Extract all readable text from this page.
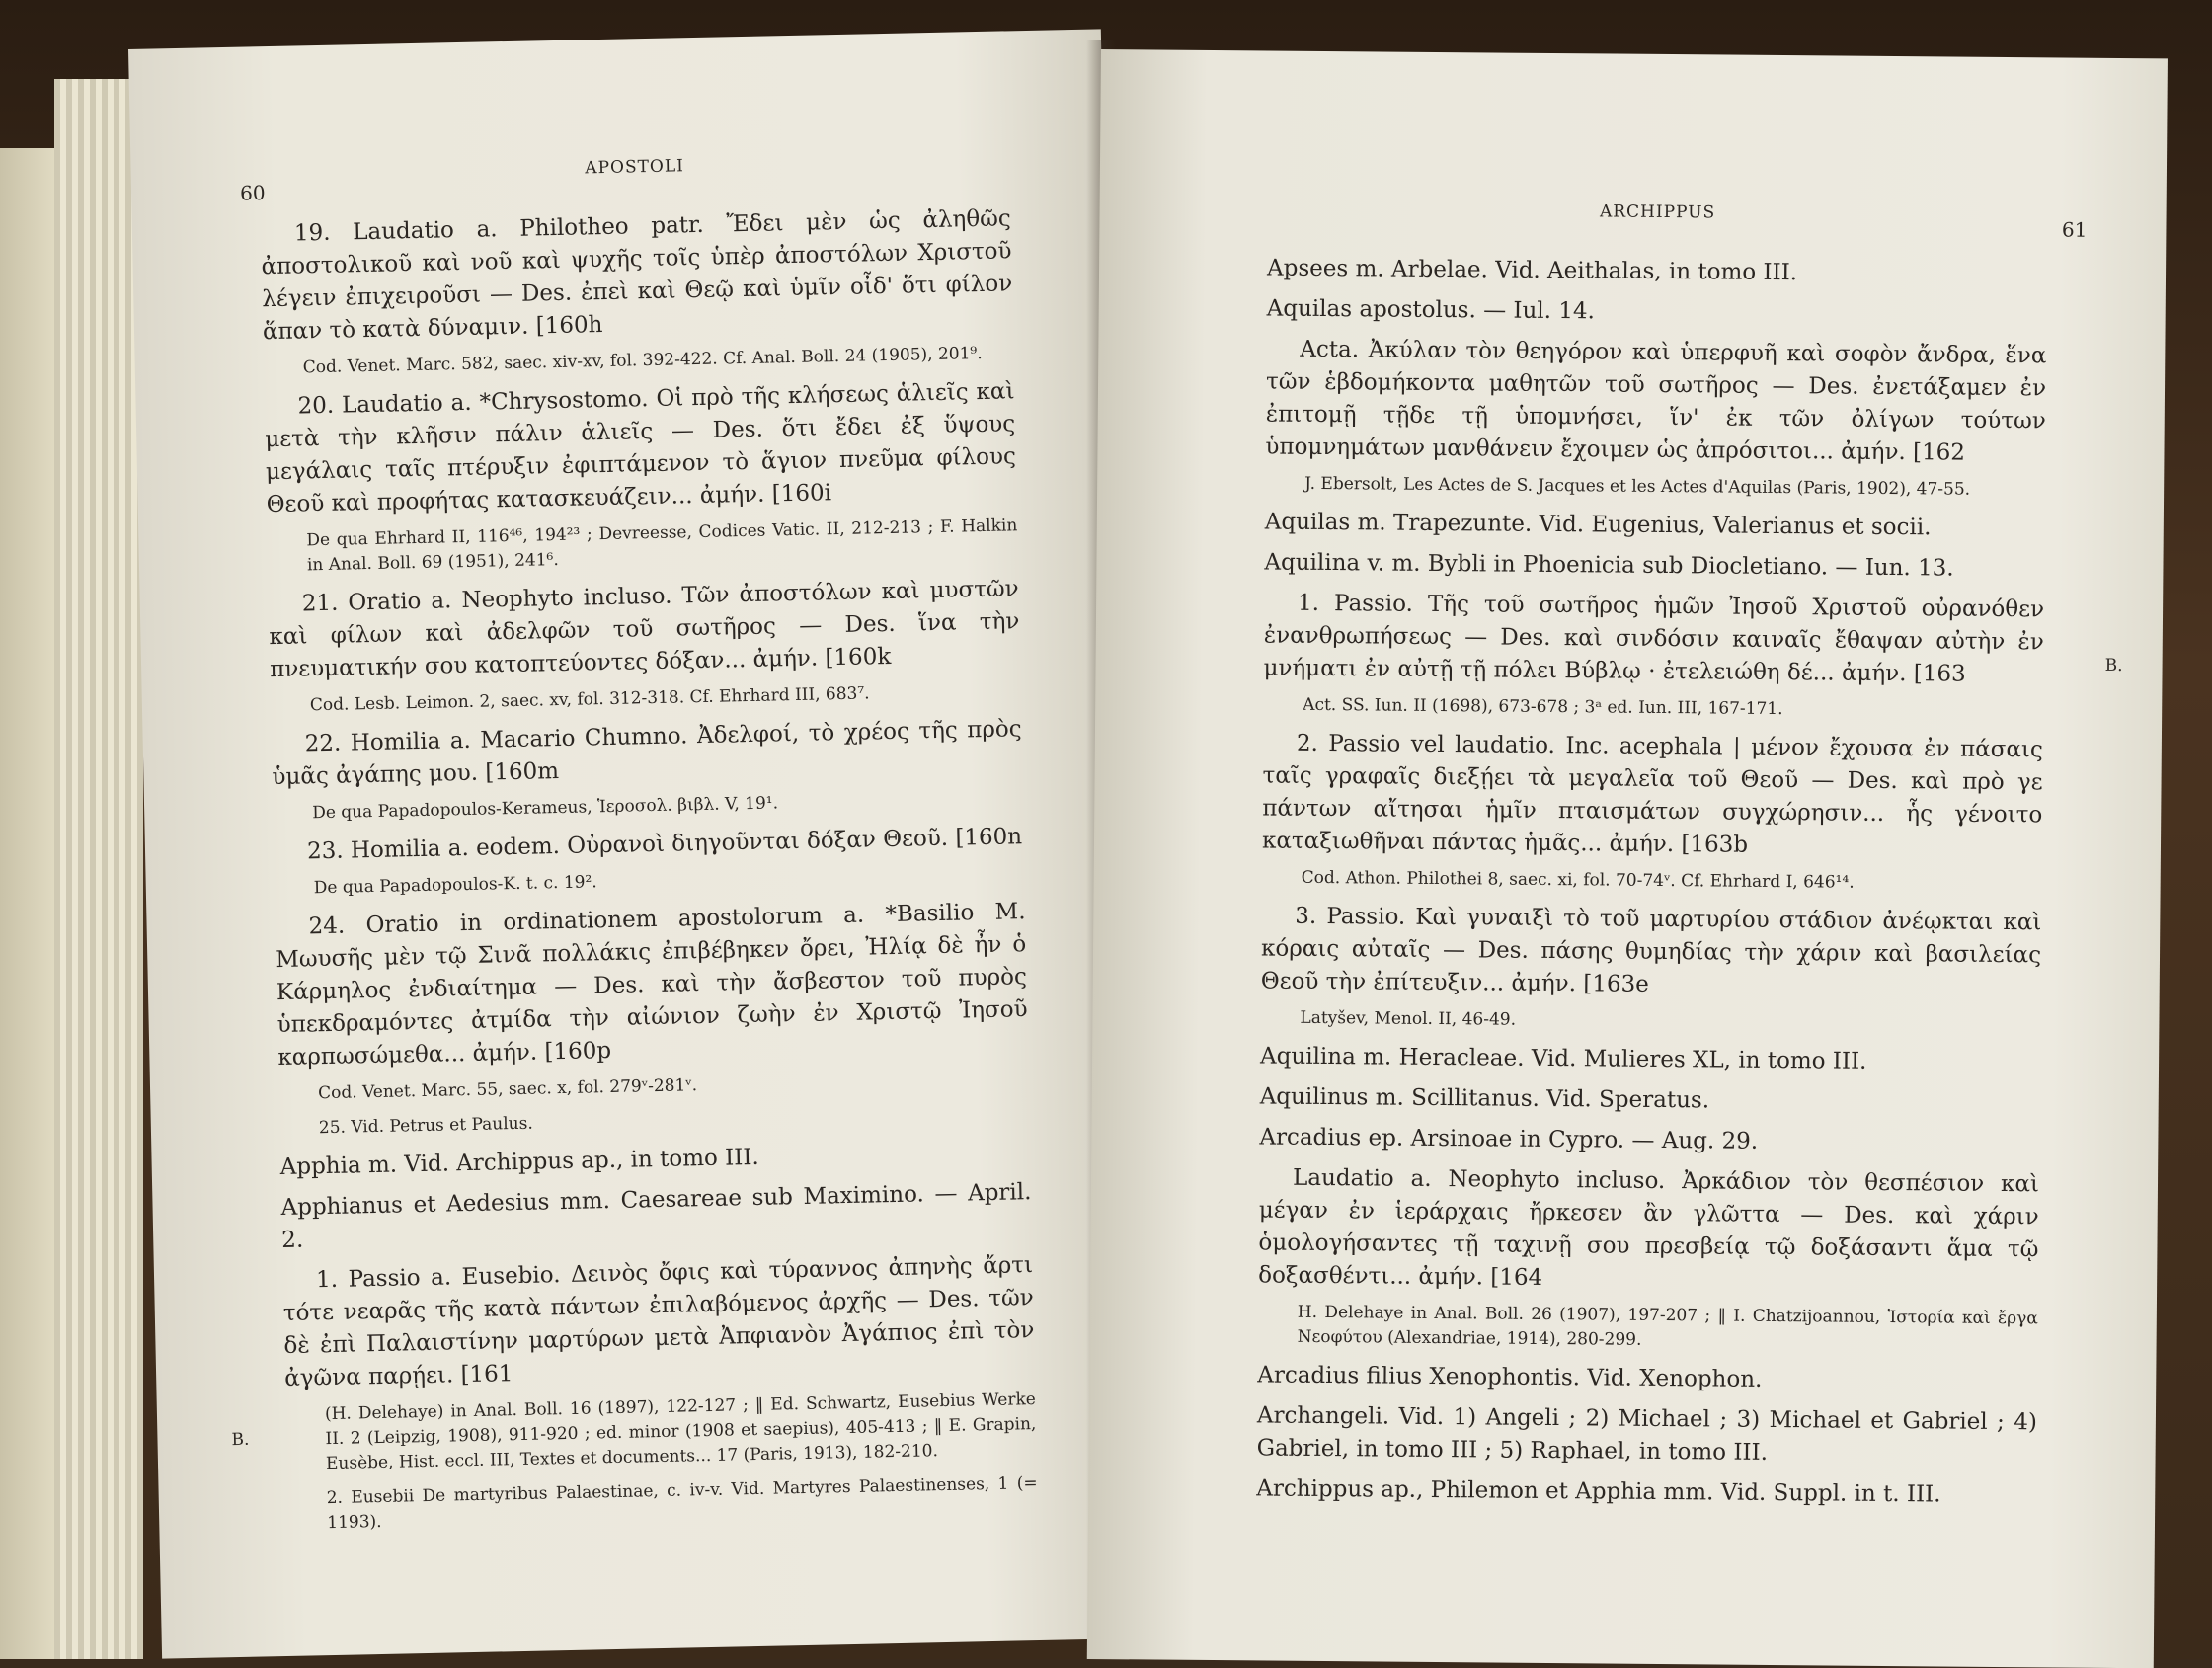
60
APOSTOLI

19. Laudatio a. Philotheo patr. Ἔδει μὲν ὡς ἀληθῶς ἀποστολικοῦ καὶ νοῦ καὶ ψυχῆς τοῖς ὑπὲρ ἀποστόλων Χριστοῦ λέγειν ἐπιχειροῦσι — Des. ἐπεὶ καὶ Θεῷ καὶ ὑμῖν οἶδ' ὅτι φίλον ἅπαν τὸ κατὰ δύναμιν. [160h

Cod. Venet. Marc. 582, saec. xiv-xv, fol. 392-422. Cf. Anal. Boll. 24 (1905), 201⁹.

20. Laudatio a. *Chrysostomo. Οἱ πρὸ τῆς κλήσεως ἁλιεῖς καὶ μετὰ τὴν κλῆσιν πάλιν ἁλιεῖς — Des. ὅτι ἔδει ἐξ ὕψους μεγάλαις ταῖς πτέρυξιν ἐφιπτάμενον τὸ ἅγιον πνεῦμα φίλους Θεοῦ καὶ προφήτας κατασκευάζειν... ἀμήν. [160i

De qua Ehrhard II, 116⁴⁶, 194²³ ; Devreesse, Codices Vatic. II, 212-213 ; F. Halkin in Anal. Boll. 69 (1951), 241⁶.

21. Oratio a. Neophyto incluso. Τῶν ἀποστόλων καὶ μυστῶν καὶ φίλων καὶ ἀδελφῶν τοῦ σωτῆρος — Des. ἵνα τὴν πνευματικήν σου κατοπτεύοντες δόξαν... ἀμήν. [160k

Cod. Lesb. Leimon. 2, saec. xv, fol. 312-318. Cf. Ehrhard III, 683⁷.

22. Homilia a. Macario Chumno. Ἀδελφοί, τὸ χρέος τῆς πρὸς ὑμᾶς ἀγάπης μου. [160m

De qua Papadopoulos-Kerameus, Ἱεροσολ. βιβλ. V, 19¹.

23. Homilia a. eodem. Οὐρανοὶ διηγοῦνται δόξαν Θεοῦ. [160n

De qua Papadopoulos-K. t. c. 19².

24. Oratio in ordinationem apostolorum a. *Basilio M. Μωυσῆς μὲν τῷ Σινᾶ πολλάκις ἐπιβέβηκεν ὄρει, Ἠλίᾳ δὲ ἦν ὁ Κάρμηλος ἐνδιαίτημα — Des. καὶ τὴν ἄσβεστον τοῦ πυρὸς ὑπεκδραμόντες ἀτμίδα τὴν αἰώνιον ζωὴν ἐν Χριστῷ Ἰησοῦ καρπωσώμεθα... ἀμήν. [160p

Cod. Venet. Marc. 55, saec. x, fol. 279ᵛ-281ᵛ.
25. Vid. Petrus et Paulus.

Apphia m. Vid. Archippus ap., in tomo III.

Apphianus et Aedesius mm. Caesareae sub Maximino. — April. 2.

1. Passio a. Eusebio. Δεινὸς ὄφις καὶ τύραννος ἀπηνὴς ἄρτι τότε νεαρᾶς τῆς κατὰ πάντων ἐπιλαβόμενος ἀρχῆς — Des. τῶν δὲ ἐπὶ Παλαιστίνην μαρτύρων μετὰ Ἀπφιανὸν Ἀγάπιος ἐπὶ τὸν ἀγῶνα παρῄει. [161

(H. Delehaye) in Anal. Boll. 16 (1897), 122-127 ; ‖ Ed. Schwartz, Eusebius Werke II. 2 (Leipzig, 1908), 911-920 ; ed. minor (1908 et saepius), 405-413 ; ‖ E. Grapin, Eusèbe, Hist. eccl. III, Textes et documents... 17 (Paris, 1913), 182-210.
2. Eusebii De martyribus Palaestinae, c. iv-v. Vid. Martyres Palaestinenses, 1 (= 1193).
B.
ARCHIPPUS
61

Apsees m. Arbelae. Vid. Aeithalas, in tomo III.

Aquilas apostolus. — Iul. 14.

Acta. Ἀκύλαν τὸν θεηγόρον καὶ ὑπερφυῆ καὶ σοφὸν ἄνδρα, ἕνα τῶν ἑβδομήκοντα μαθητῶν τοῦ σωτῆρος — Des. ἐνετάξαμεν ἐν ἐπιτομῇ τῇδε τῇ ὑπομνήσει, ἵν' ἐκ τῶν ὀλίγων τούτων ὑπομνημάτων μανθάνειν ἔχοιμεν ὡς ἀπρόσιτοι... ἀμήν. [162

J. Ebersolt, Les Actes de S. Jacques et les Actes d'Aquilas (Paris, 1902), 47-55.

Aquilas m. Trapezunte. Vid. Eugenius, Valerianus et socii.

Aquilina v. m. Bybli in Phoenicia sub Diocletiano. — Iun. 13.

1. Passio. Τῆς τοῦ σωτῆρος ἡμῶν Ἰησοῦ Χριστοῦ οὐρανόθεν ἐνανθρωπήσεως — Des. καὶ σινδόσιν καιναῖς ἔθαψαν αὐτὴν ἐν μνήματι ἐν αὐτῇ τῇ πόλει Βύβλῳ · ἐτελειώθη δέ... ἀμήν. [163

Act. SS. Iun. II (1698), 673-678 ; 3ᵃ ed. Iun. III, 167-171.

2. Passio vel laudatio. Inc. acephala | μένον ἔχουσα ἐν πάσαις ταῖς γραφαῖς διεξῄει τὰ μεγαλεῖα τοῦ Θεοῦ — Des. καὶ πρὸ γε πάντων αἴτησαι ἡμῖν πταισμάτων συγχώρησιν... ἧς γένοιτο καταξιωθῆναι πάντας ἡμᾶς... ἀμήν. [163b

Cod. Athon. Philothei 8, saec. xi, fol. 70-74ᵛ. Cf. Ehrhard I, 646¹⁴.

3. Passio. Καὶ γυναιξὶ τὸ τοῦ μαρτυρίου στάδιον ἀνέῳκται καὶ κόραις αὐταῖς — Des. πάσης θυμηδίας τὴν χάριν καὶ βασιλείας Θεοῦ τὴν ἐπίτευξιν... ἀμήν. [163e

Latyšev, Menol. II, 46-49.

Aquilina m. Heracleae. Vid. Mulieres XL, in tomo III.

Aquilinus m. Scillitanus. Vid. Speratus.

Arcadius ep. Arsinoae in Cypro. — Aug. 29.

Laudatio a. Neophyto incluso. Ἀρκάδιον τὸν θεσπέσιον καὶ μέγαν ἐν ἱεράρχαις ἤρκεσεν ἂν γλῶττα — Des. καὶ χάριν ὁμολογήσαντες τῇ ταχινῇ σου πρεσβείᾳ τῷ δοξάσαντι ἅμα τῷ δοξασθέντι... ἀμήν. [164

H. Delehaye in Anal. Boll. 26 (1907), 197-207 ; ‖ I. Chatzijoannou, Ἱστορία καὶ ἔργα Νεοφύτου (Alexandriae, 1914), 280-299.

Arcadius filius Xenophontis. Vid. Xenophon.

Archangeli. Vid. 1) Angeli ; 2) Michael ; 3) Michael et Gabriel ; 4) Gabriel, in tomo III ; 5) Raphael, in tomo III.

Archippus ap., Philemon et Apphia mm. Vid. Suppl. in t. III.

B.
